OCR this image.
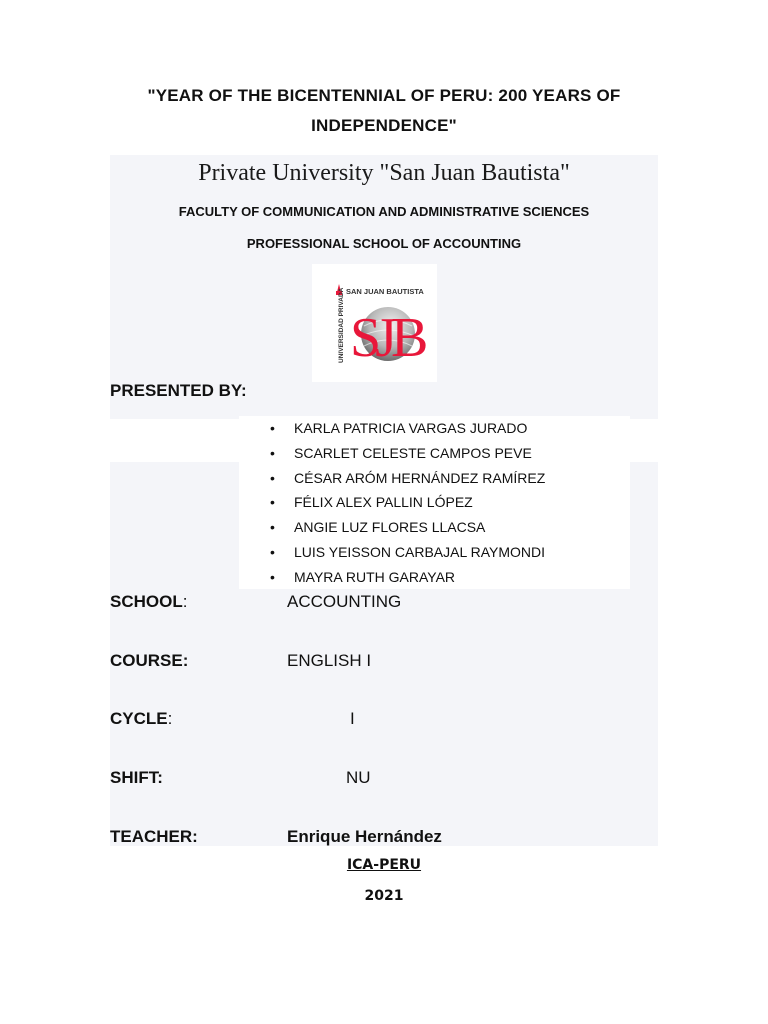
"YEAR OF THE BICENTENNIAL OF PERU: 200 YEARS OF
INDEPENDENCE"
Private University "San Juan Bautista"
FACULTY OF COMMUNICATION AND ADMINISTRATIVE SCIENCES
PROFESSIONAL SCHOOL OF ACCOUNTING
SAN JUAN BAUTISTA
UNIVERSIDAD PRIVADA SJB
PRESENTED BY:
• KARLA PATRICIA VARGAS JURADO
• SCARLET CELESTE CAMPOS PEVE
• CÉSAR ARÓM HERNÁNDEZ RAMÍREZ
• FÉLIX ALEX PALLIN LÓPEZ
• ANGIE LUZ FLORES LLACSA
• LUIS YEISSON CARBAJAL RAYMONDI
• MAYRA RUTH GARAYAR
SCHOOL:	ACCOUNTING
COURSE:	ENGLISH I
CYCLE:	I
SHIFT:	NU
TEACHER:	Enrique Hernández
ICA-PERU
2021
